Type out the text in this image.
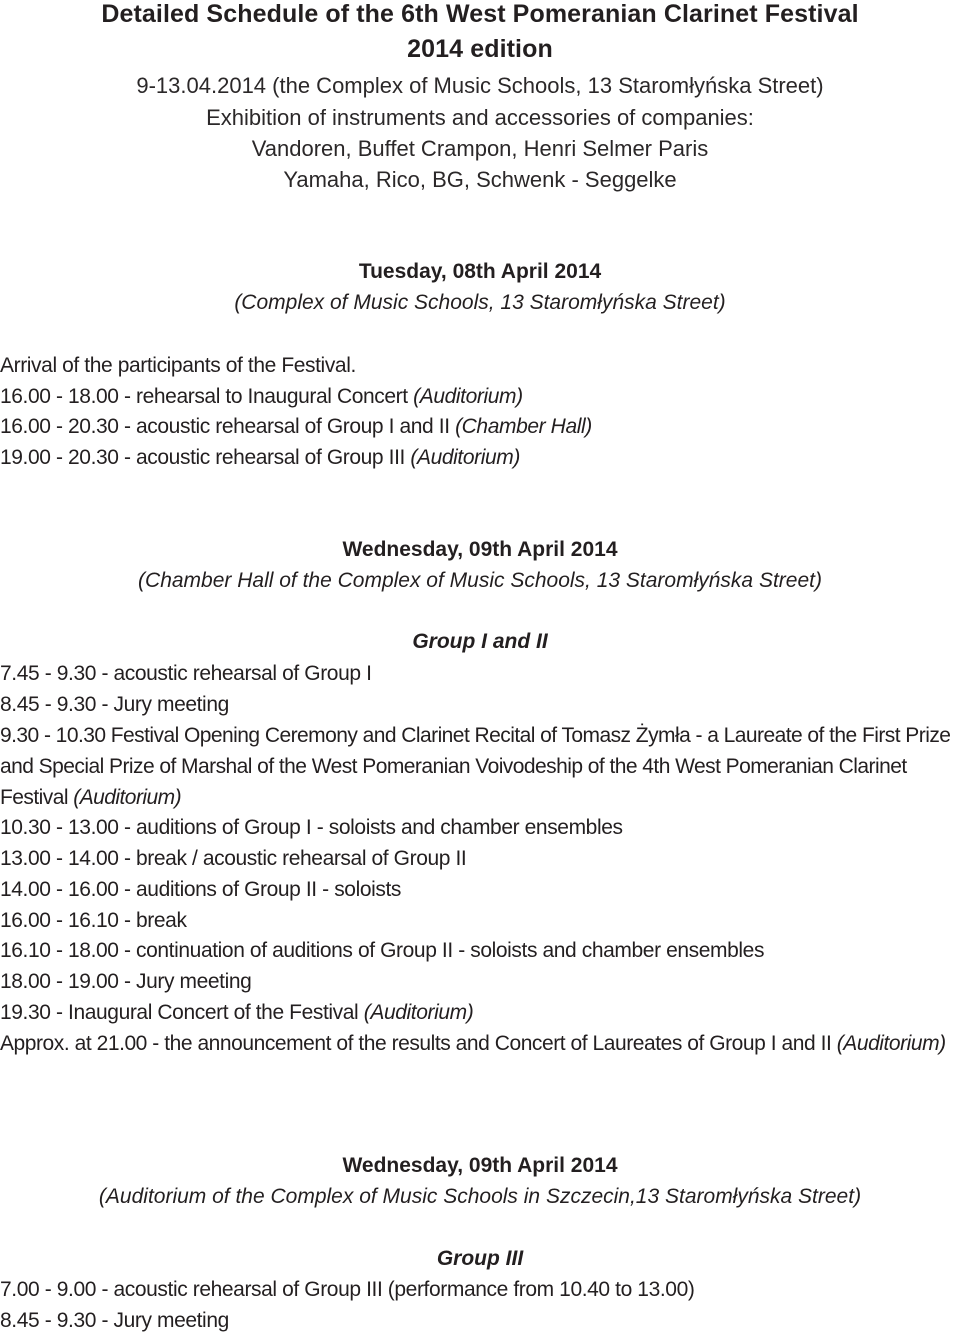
Detailed Schedule of the 6th West Pomeranian Clarinet Festival
2014 edition
9-13.04.2014 (the Complex of Music Schools, 13 Staromłyńska Street)
Exhibition of instruments and accessories of companies:
Vandoren, Buffet Crampon, Henri Selmer Paris
Yamaha, Rico, BG, Schwenk - Seggelke
Tuesday, 08th April 2014
(Complex of Music Schools, 13 Staromłyńska Street)
Arrival of the participants of the Festival.
16.00 - 18.00 - rehearsal to Inaugural Concert (Auditorium)
16.00 - 20.30 - acoustic rehearsal of Group I and II (Chamber Hall)
19.00 - 20.30 - acoustic rehearsal of Group III (Auditorium)
Wednesday, 09th April 2014
(Chamber Hall of the Complex of Music Schools, 13 Staromłyńska Street)
Group I and II
7.45 - 9.30 - acoustic rehearsal of Group I
8.45 - 9.30 - Jury meeting
9.30 - 10.30 Festival Opening Ceremony and Clarinet Recital of Tomasz Żymła - a Laureate of the First Prize and Special Prize of Marshal of the West Pomeranian Voivodeship of the 4th West Pomeranian Clarinet Festival (Auditorium)
10.30 - 13.00 - auditions of Group I - soloists and chamber ensembles
13.00 - 14.00 - break / acoustic rehearsal of Group II
14.00 - 16.00 - auditions of Group II - soloists
16.00 - 16.10 - break
16.10 - 18.00 - continuation of auditions of Group II - soloists and chamber ensembles
18.00 - 19.00 - Jury meeting
19.30 - Inaugural Concert of the Festival (Auditorium)
Approx. at 21.00 - the announcement of the results and Concert of Laureates of Group I and II (Auditorium)
Wednesday, 09th April 2014
(Auditorium of the Complex of Music Schools in Szczecin,13 Staromłyńska Street)
Group III
7.00 - 9.00 - acoustic rehearsal of Group III (performance from 10.40 to 13.00)
8.45 - 9.30 - Jury meeting
